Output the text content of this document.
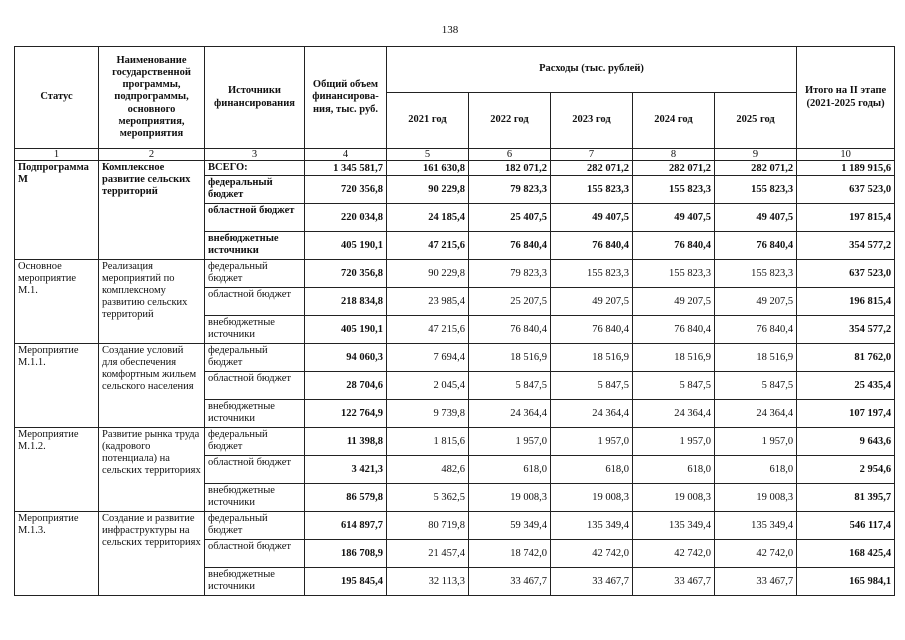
138
Статус	Наименование государственной программы, подпрограммы, основного мероприятия, мероприятия	Источники финансирования	Общий объем финансирова-ния, тыс. руб.	Расходы (тыс. рублей)					Итого на II этапе (2021-2025 годы)
				2021 год	2022 год	2023 год	2024 год	2025 год	
1	2	3	4	5	6	7	8	9	10
Подпрограмма М	Комплексное развитие сельских территорий	ВСЕГО:	1 345 581,7	161 630,8	182 071,2	282 071,2	282 071,2	282 071,2	1 189 915,6
		федеральный бюджет	720 356,8	90 229,8	79 823,3	155 823,3	155 823,3	155 823,3	637 523,0
		областной бюджет	220 034,8	24 185,4	25 407,5	49 407,5	49 407,5	49 407,5	197 815,4
		внебюджетные источники	405 190,1	47 215,6	76 840,4	76 840,4	76 840,4	76 840,4	354 577,2
Основное мероприятие М.1.	Реализация мероприятий по комплексному развитию сельских территорий	федеральный бюджет	720 356,8	90 229,8	79 823,3	155 823,3	155 823,3	155 823,3	637 523,0
		областной бюджет	218 834,8	23 985,4	25 207,5	49 207,5	49 207,5	49 207,5	196 815,4
		внебюджетные источники	405 190,1	47 215,6	76 840,4	76 840,4	76 840,4	76 840,4	354 577,2
Мероприятие М.1.1.	Создание условий для обеспечения комфортным жильем сельского населения	федеральный бюджет	94 060,3	7 694,4	18 516,9	18 516,9	18 516,9	18 516,9	81 762,0
		областной бюджет	28 704,6	2 045,4	5 847,5	5 847,5	5 847,5	5 847,5	25 435,4
		внебюджетные источники	122 764,9	9 739,8	24 364,4	24 364,4	24 364,4	24 364,4	107 197,4
Мероприятие М.1.2.	Развитие рынка труда (кадрового потенциала) на сельских территориях	федеральный бюджет	11 398,8	1 815,6	1 957,0	1 957,0	1 957,0	1 957,0	9 643,6
		областной бюджет	3 421,3	482,6	618,0	618,0	618,0	618,0	2 954,6
		внебюджетные источники	86 579,8	5 362,5	19 008,3	19 008,3	19 008,3	19 008,3	81 395,7
Мероприятие М.1.3.	Создание и развитие инфраструктуры на сельских территориях	федеральный бюджет	614 897,7	80 719,8	59 349,4	135 349,4	135 349,4	135 349,4	546 117,4
		областной бюджет	186 708,9	21 457,4	18 742,0	42 742,0	42 742,0	42 742,0	168 425,4
		внебюджетные источники	195 845,4	32 113,3	33 467,7	33 467,7	33 467,7	33 467,7	165 984,1
